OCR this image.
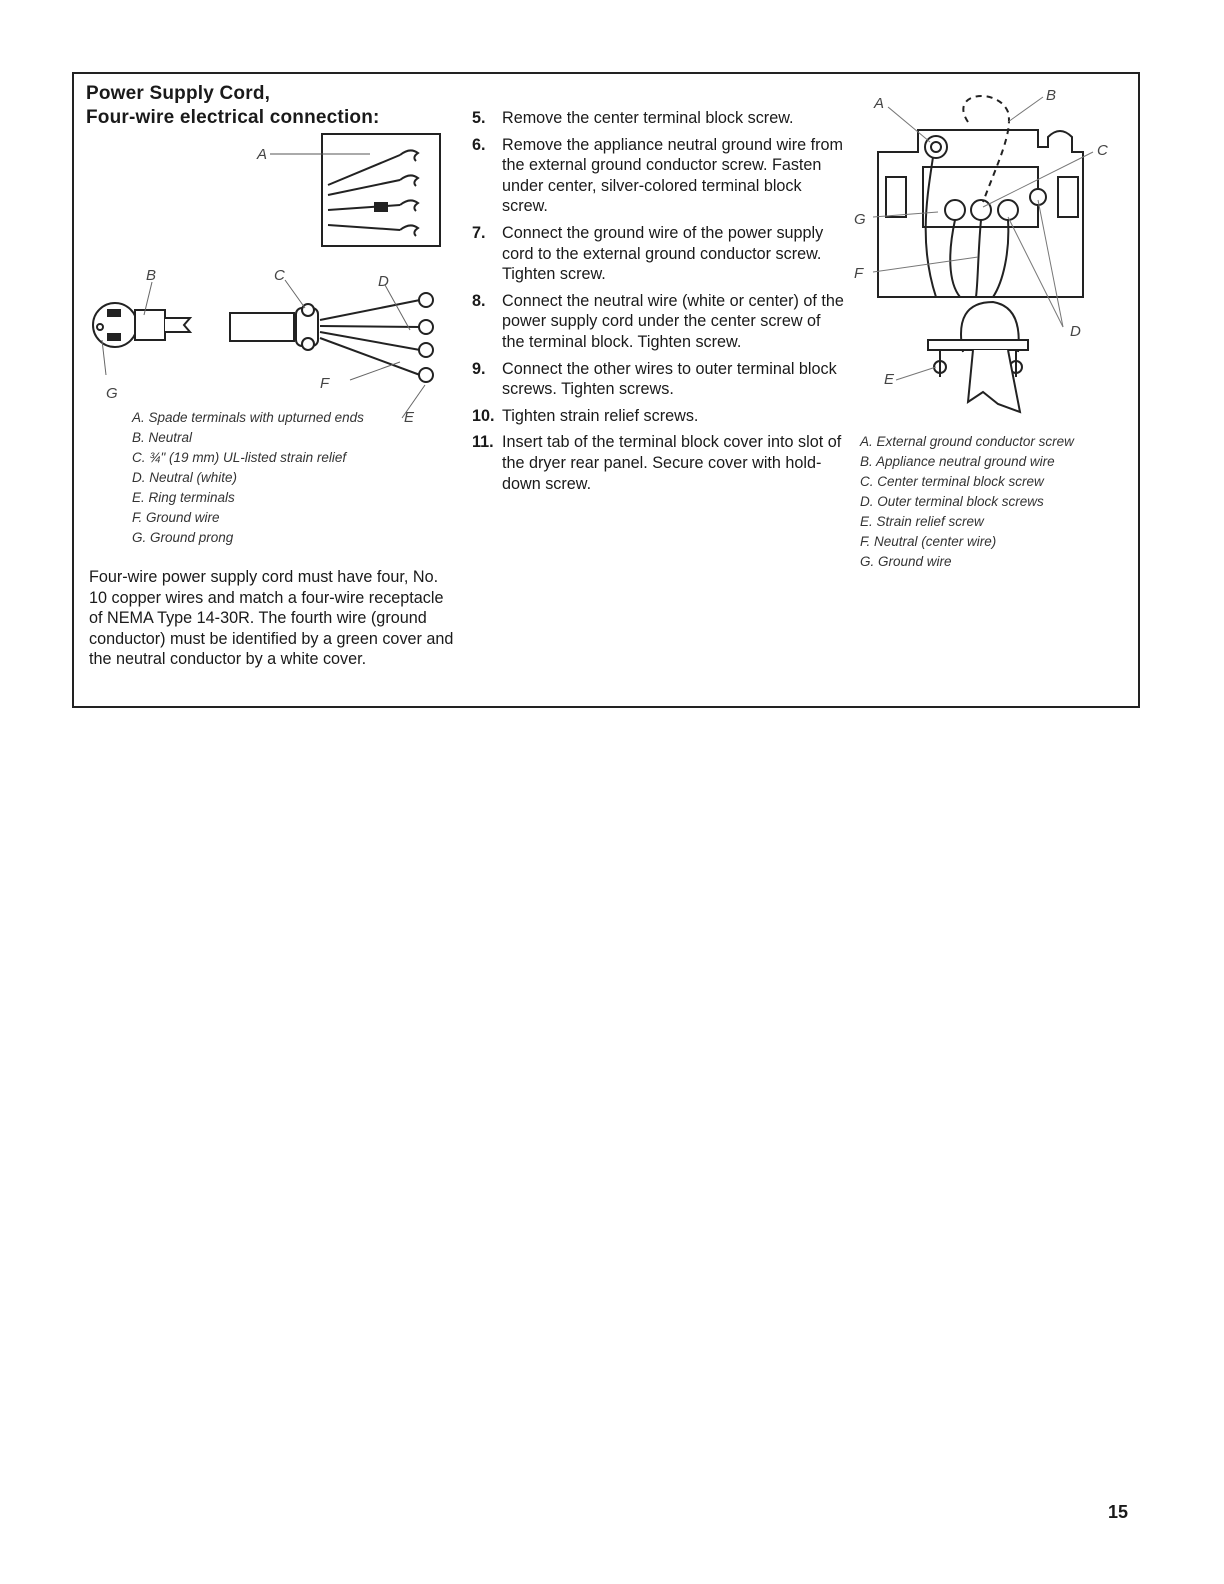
Power Supply Cord,
Four-wire electrical connection:
A
B	C	D
E
F
G
A. Spade terminals with upturned ends
B. Neutral
C. ¾" (19 mm) UL-listed strain relief
D. Neutral (white)
E. Ring terminals
F. Ground wire
G. Ground prong

Four-wire power supply cord must have four, No. 10 copper wires and match a four-wire receptacle of NEMA Type 14-30R. The fourth wire (ground conductor) must be identified by a green cover and the neutral conductor by a white cover.

5.	Remove the center terminal block screw.
6.	Remove the appliance neutral ground wire from the external ground conductor screw. Fasten under center, silver-colored terminal block screw.
7.	Connect the ground wire of the power supply cord to the external ground conductor screw. Tighten screw.
8.	Connect the neutral wire (white or center) of the power supply cord under the center screw of the terminal block. Tighten screw.
9.	Connect the other wires to outer terminal block screws. Tighten screws.
10. Tighten strain relief screws.
11. Insert tab of the terminal block cover into slot of the dryer rear panel. Secure cover with hold-down screw.
A	B
C
D
E
F
G
A. External ground conductor screw
B. Appliance neutral ground wire
C. Center terminal block screw
D. Outer terminal block screws
E. Strain relief screw
F. Neutral (center wire)
G. Ground wire
15
